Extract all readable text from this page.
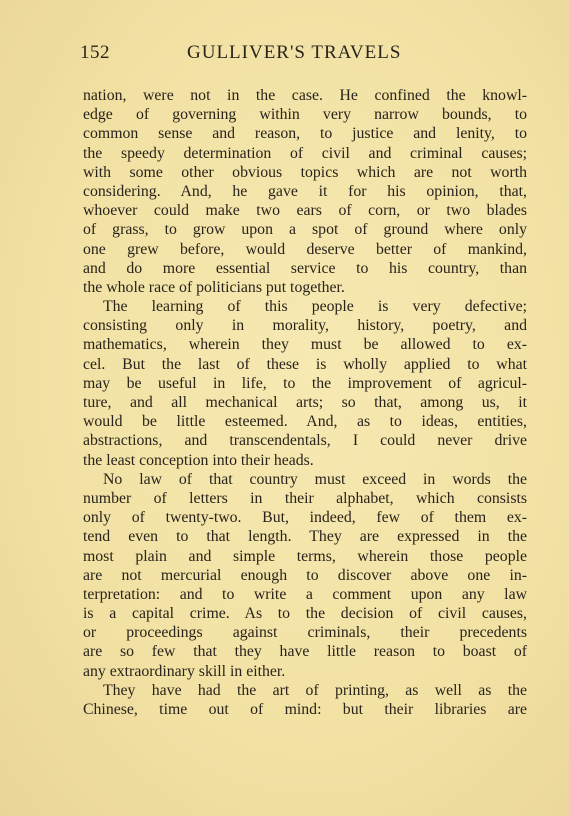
152	GULLIVER'S TRAVELS
nation, were not in the case. He confined the knowl-
edge of governing within very narrow bounds, to
common sense and reason, to justice and lenity, to
the speedy determination of civil and criminal causes;
with some other obvious topics which are not worth
considering. And, he gave it for his opinion, that,
whoever could make two ears of corn, or two blades
of grass, to grow upon a spot of ground where only
one grew before, would deserve better of mankind,
and do more essential service to his country, than
the whole race of politicians put together.
The learning of this people is very defective;
consisting only in morality, history, poetry, and
mathematics, wherein they must be allowed to ex-
cel. But the last of these is wholly applied to what
may be useful in life, to the improvement of agricul-
ture, and all mechanical arts; so that, among us, it
would be little esteemed. And, as to ideas, entities,
abstractions, and transcendentals, I could never drive
the least conception into their heads.
No law of that country must exceed in words the
number of letters in their alphabet, which consists
only of twenty-two. But, indeed, few of them ex-
tend even to that length. They are expressed in the
most plain and simple terms, wherein those people
are not mercurial enough to discover above one in-
terpretation: and to write a comment upon any law
is a capital crime. As to the decision of civil causes,
or proceedings against criminals, their precedents
are so few that they have little reason to boast of
any extraordinary skill in either.
They have had the art of printing, as well as the
Chinese, time out of mind: but their libraries are
